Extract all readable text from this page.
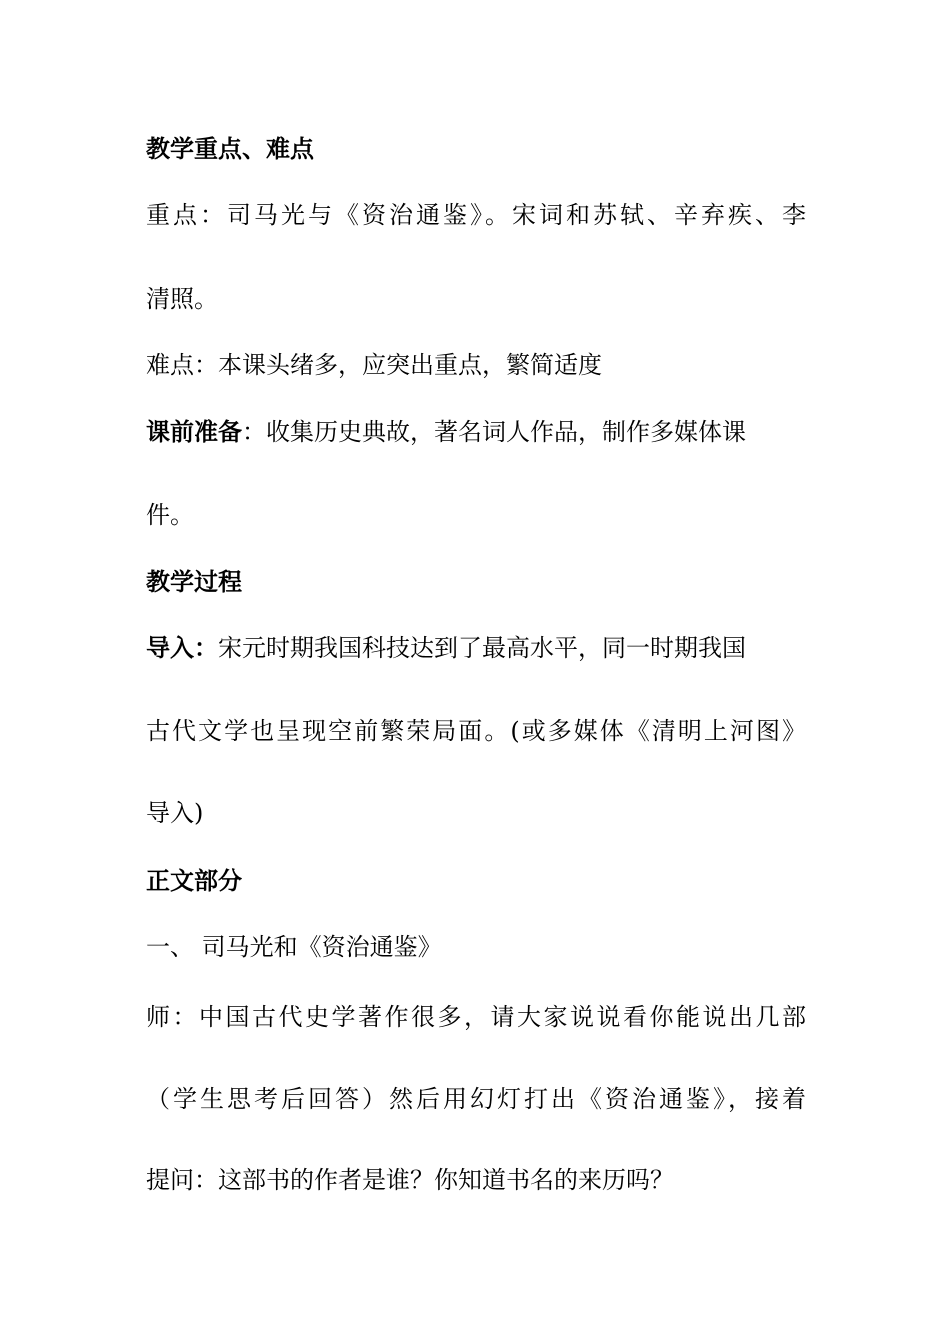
教学重点、难点
重点：司马光与《资治通鉴》。宋词和苏轼、辛弃疾、李
清照。
难点：本课头绪多，应突出重点，繁简适度
课前准备：收集历史典故，著名词人作品，制作多媒体课
件。
教学过程
导入：宋元时期我国科技达到了最高水平，同一时期我国
古代文学也呈现空前繁荣局面。(或多媒体《清明上河图》
导入)
正文部分
一、 司马光和《资治通鉴》
师：中国古代史学著作很多，请大家说说看你能说出几部
（学生思考后回答）然后用幻灯打出《资治通鉴》，接着
提问：这部书的作者是谁？你知道书名的来历吗？
